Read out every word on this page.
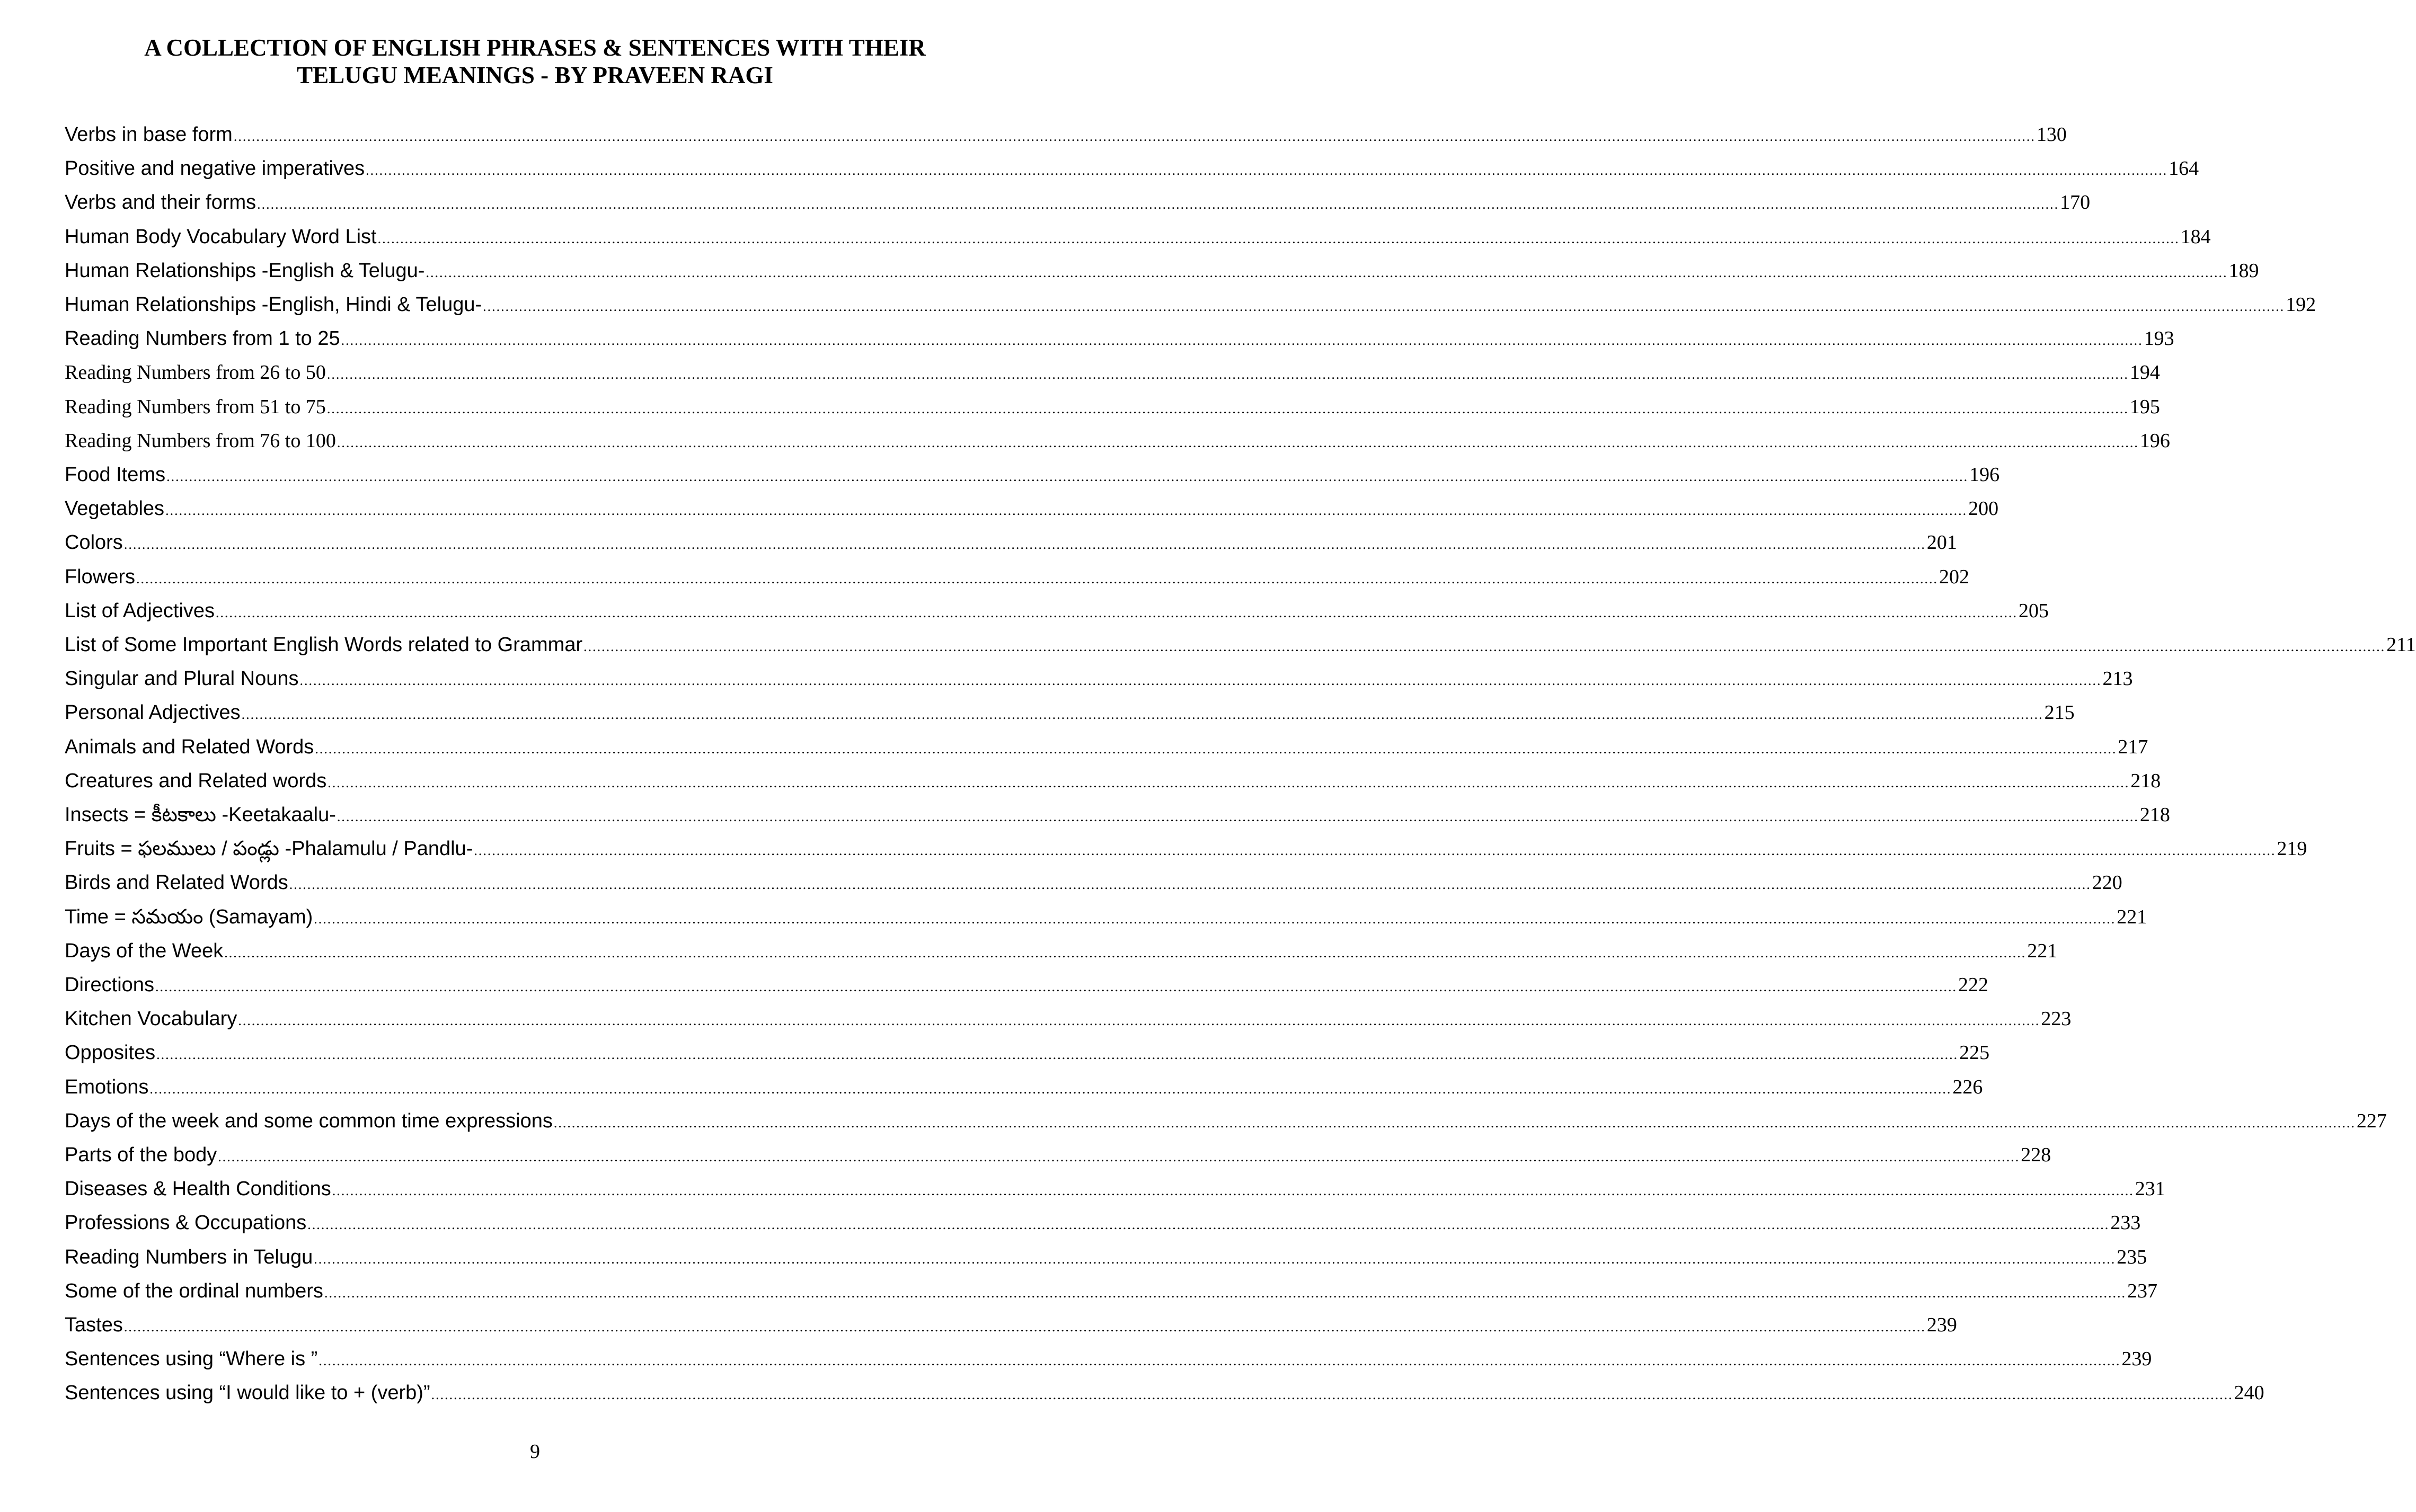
A COLLECTION OF ENGLISH PHRASES & SENTENCES WITH THEIR
TELUGU MEANINGS - BY PRAVEEN RAGI
Verbs in base form ................................................................................................................................................................................................................................................................................................................................................................................................................ 130
Positive and negative imperatives ................................................................................................................................................................................................................................................................................................................................................................................................................ 164
Verbs and their forms ................................................................................................................................................................................................................................................................................................................................................................................................................ 170
Human Body Vocabulary Word List ................................................................................................................................................................................................................................................................................................................................................................................................................ 184
Human Relationships -English & Telugu- ................................................................................................................................................................................................................................................................................................................................................................................................................ 189
Human Relationships -English, Hindi & Telugu- ................................................................................................................................................................................................................................................................................................................................................................................................................ 192
Reading Numbers from 1 to 25 ................................................................................................................................................................................................................................................................................................................................................................................................................ 193
Reading Numbers from 26 to 50 ................................................................................................................................................................................................................................................................................................................................................................................................................ 194
Reading Numbers from 51 to 75 ................................................................................................................................................................................................................................................................................................................................................................................................................ 195
Reading Numbers from 76 to 100 ................................................................................................................................................................................................................................................................................................................................................................................................................ 196
Food Items ................................................................................................................................................................................................................................................................................................................................................................................................................ 196
Vegetables ................................................................................................................................................................................................................................................................................................................................................................................................................ 200
Colors ................................................................................................................................................................................................................................................................................................................................................................................................................ 201
Flowers ................................................................................................................................................................................................................................................................................................................................................................................................................ 202
List of Adjectives ................................................................................................................................................................................................................................................................................................................................................................................................................ 205
List of Some Important English Words related to Grammar ................................................................................................................................................................................................................................................................................................................................................................................................................ 211
Singular and Plural Nouns ................................................................................................................................................................................................................................................................................................................................................................................................................ 213
Personal Adjectives ................................................................................................................................................................................................................................................................................................................................................................................................................ 215
Animals and Related Words ................................................................................................................................................................................................................................................................................................................................................................................................................ 217
Creatures and Related words ................................................................................................................................................................................................................................................................................................................................................................................................................ 218
Insects = కీటకాలు -Keetakaalu- ................................................................................................................................................................................................................................................................................................................................................................................................................ 218
Fruits = ఫలములు / పండ్లు -Phalamulu / Pandlu- ................................................................................................................................................................................................................................................................................................................................................................................................................ 219
Birds and Related Words ................................................................................................................................................................................................................................................................................................................................................................................................................ 220
Time = సమయం (Samayam) ................................................................................................................................................................................................................................................................................................................................................................................................................ 221
Days of the Week ................................................................................................................................................................................................................................................................................................................................................................................................................ 221
Directions ................................................................................................................................................................................................................................................................................................................................................................................................................ 222
Kitchen Vocabulary ................................................................................................................................................................................................................................................................................................................................................................................................................ 223
Opposites ................................................................................................................................................................................................................................................................................................................................................................................................................ 225
Emotions ................................................................................................................................................................................................................................................................................................................................................................................................................ 226
Days of the week and some common time expressions ................................................................................................................................................................................................................................................................................................................................................................................................................ 227
Parts of the body ................................................................................................................................................................................................................................................................................................................................................................................................................ 228
Diseases & Health Conditions ................................................................................................................................................................................................................................................................................................................................................................................................................ 231
Professions & Occupations ................................................................................................................................................................................................................................................................................................................................................................................................................ 233
Reading Numbers in Telugu ................................................................................................................................................................................................................................................................................................................................................................................................................ 235
Some of the ordinal numbers ................................................................................................................................................................................................................................................................................................................................................................................................................ 237
Tastes ................................................................................................................................................................................................................................................................................................................................................................................................................ 239
Sentences using “Where is ” ................................................................................................................................................................................................................................................................................................................................................................................................................ 239
Sentences using “I would like to + (verb)” ................................................................................................................................................................................................................................................................................................................................................................................................................ 240
9
